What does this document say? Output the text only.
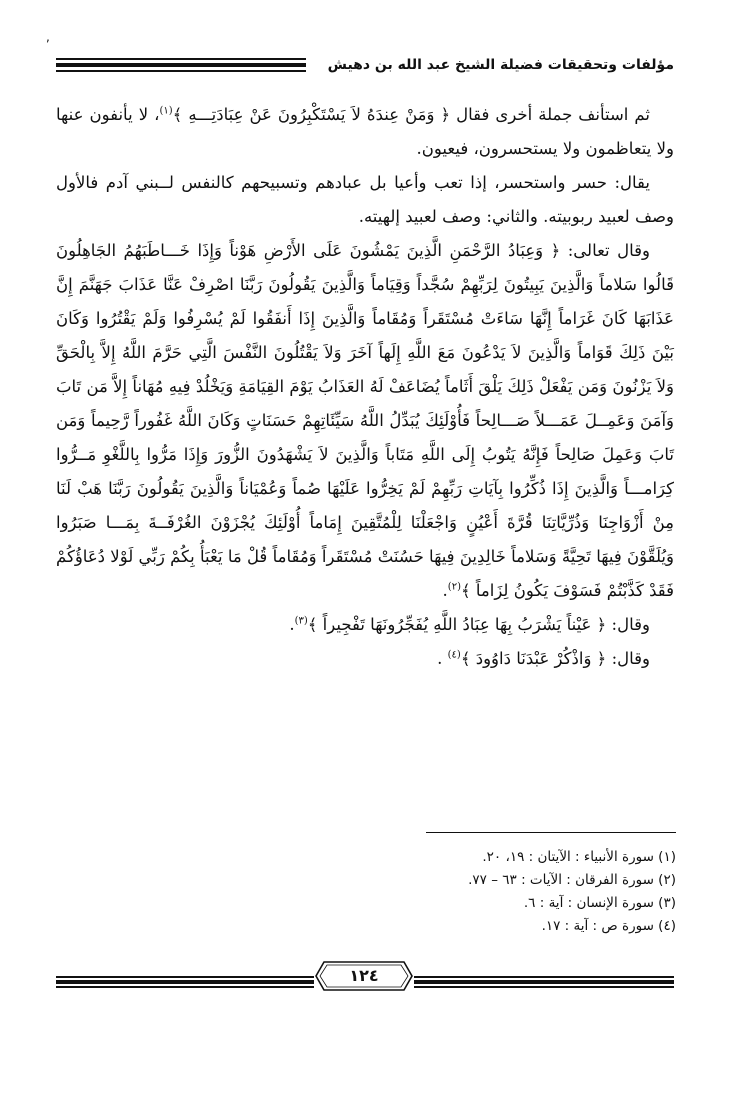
,
مؤلفات وتحقيقات فضيلة الشيخ عبد الله بن دهيش

ثم استأنف جملة أخرى فقال ﴿ وَمَنْ عِندَهُ لاَ يَسْتَكْبِرُونَ عَنْ عِبَادَتِـــهِ ﴾$^{(١)}$، لا يأنفون عنها ولا يتعاظمون ولا يستحسرون، فيعيون.

يقال: حسر واستحسر، إذا تعب وأعيا بل عبادهم وتسبيحهم كالنفس لــبني آدم فالأول وصف لعبيد ربوبيته. والثاني: وصف لعبيد إلهيته.

وقال تعالى: ﴿ وَعِبَادُ الرَّحْمَنِ الَّذِينَ يَمْشُونَ عَلَى الأَرْضِ هَوْناً وَإِذَا خَـــاطَبَهُمُ الجَاهِلُونَ قَالُوا سَلاماً وَالَّذِينَ يَبِيتُونَ لِرَبِّهِمْ سُجَّداً وَقِيَاماً وَالَّذِينَ يَقُولُونَ رَبَّنَا اصْرِفْ عَنَّا عَذَابَ جَهَنَّمَ إِنَّ عَذَابَهَا كَانَ غَرَاماً إِنَّهَا سَاءَتْ مُسْتَقَراً وَمُقَاماً وَالَّذِينَ إِذَا أَنفَقُوا لَمْ يُسْرِفُوا وَلَمْ يَقْتُرُوا وَكَانَ بَيْنَ ذَلِكَ قَوَاماً وَالَّذِينَ لاَ يَدْعُونَ مَعَ اللَّهِ إِلَهاً آخَرَ وَلاَ يَقْتُلُونَ النَّفْسَ الَّتِي حَرَّمَ اللَّهُ إِلاَّ بِالْحَقِّ وَلاَ يَزْنُونَ وَمَن يَفْعَلْ ذَلِكَ يَلْقَ أَثَاماً يُضَاعَفْ لَهُ العَذَابُ يَوْمَ القِيَامَةِ وَيَخْلُدْ فِيهِ مُهَاناً إِلاَّ مَن تَابَ وَآمَنَ وَعَمِــلَ عَمَـــلاً صَـــالِحاً فَأُوْلَئِكَ يُبَدِّلُ اللَّهُ سَيِّئَاتِهِمْ حَسَنَاتٍ وَكَانَ اللَّهُ غَفُوراً رَّحِيماً وَمَن تَابَ وَعَمِلَ صَالِحاً فَإِنَّهُ يَتُوبُ إِلَى اللَّهِ مَتَاباً وَالَّذِينَ لاَ يَشْهَدُونَ الزُّورَ وَإِذَا مَرُّوا بِاللَّغْوِ مَــرُّوا كِرَامـــاً وَالَّذِينَ إِذَا ذُكِّرُوا بِآيَاتِ رَبِّهِمْ لَمْ يَخِرُّوا عَلَيْهَا صُماً وَعُمْيَاناً وَالَّذِينَ يَقُولُونَ رَبَّنَا هَبْ لَنَا مِنْ أَزْوَاجِنَا وَذُرِّيَّاتِنَا قُرَّةَ أَعْيُنٍ وَاجْعَلْنَا لِلْمُتَّقِينَ إِمَاماً أُوْلَئِكَ يُجْزَوْنَ الغُرْفَــةَ بِمَـــا صَبَرُوا وَيُلَقَّوْنَ فِيهَا تَحِيَّةً وَسَلاماً خَالِدِينَ فِيهَا حَسُنَتْ مُسْتَقَراً وَمُقَاماً قُلْ مَا يَعْبَأُ بِكُمْ رَبِّي لَوْلا دُعَاؤُكُمْ فَقَدْ كَذَّبْتُمْ فَسَوْفَ يَكُونُ لِزَاماً ﴾$^{(٢)}$.

وقال: ﴿ عَيْناً يَشْرَبُ بِهَا عِبَادُ اللَّهِ يُفَجِّرُونَهَا تَفْجِيراً ﴾$^{(٣)}$.

وقال: ﴿ وَاذْكُرْ عَبْدَنَا دَاوُودَ ﴾$^{(٤)}$ .

(١) سورة الأنبياء : الآيتان : ١٩، ٢٠.
(٢) سورة الفرقان : الآيات : ٦٣ – ٧٧.
(٣) سورة الإنسان : آية : ٦.
(٤) سورة ص : آية : ١٧.
١٢٤
